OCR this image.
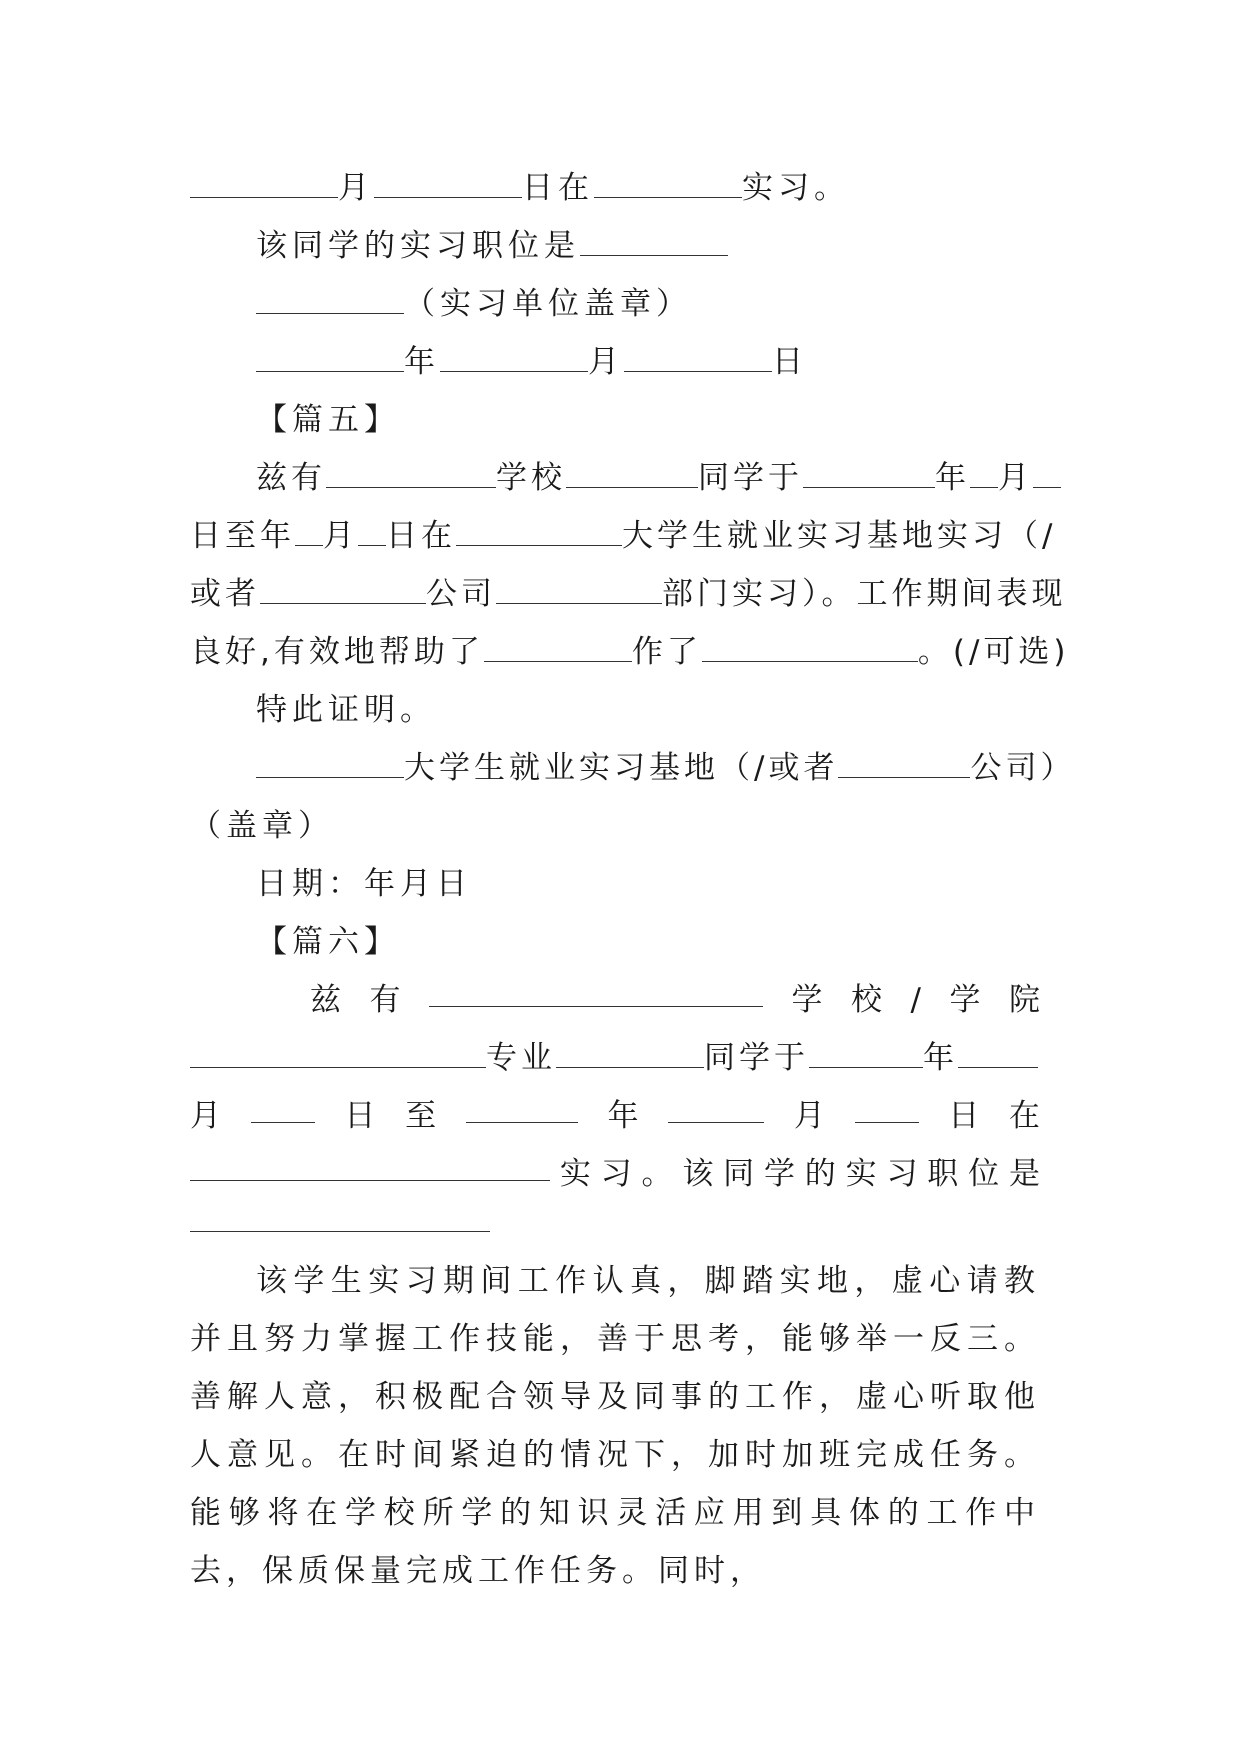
月	日在	实习。
该同学的实习职位是
（实习单位盖章）
年	月	日
【篇五】
兹有	学校	同学于	年 月
日至年 月 日在	大学生就业实习基地实习（/
或者	公司	部门实习）。工作期间表现
良好,有效地帮助了	作了	。(/可选)
特此证明。
大学生就业实习基地（/或者	公司）
（盖章）
日期：年月日
【篇六】
兹 有	学 校 / 学 院
专业	同学于	年
月	日 至	年	月	日 在
实 习 。 该 同 学 的 实 习 职 位 是
该学生实习期间工作认真，脚踏实地，虚心请教并且努力掌握工作技能，善于思考，能够举一反三。善解人意，积极配合领导及同事的工作，虚心听取他人意见。在时间紧迫的情况下，加时加班完成任务。能够将在学校所学的知识灵活应用到具体的工作中去，保质保量完成工作任务。同时，
